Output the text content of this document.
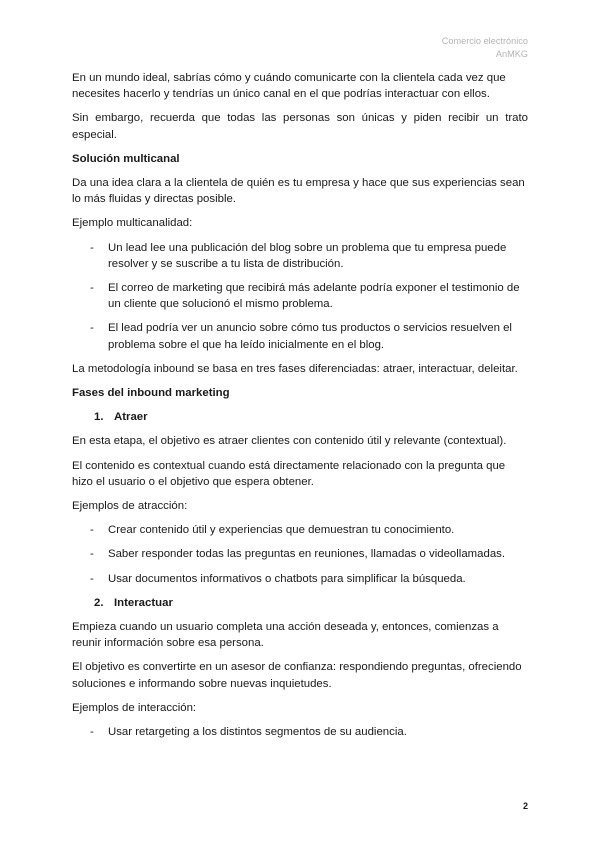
Comercio electrónico
AnMKG

En un mundo ideal, sabrías cómo y cuándo comunicarte con la clientela cada vez que necesites hacerlo y tendrías un único canal en el que podrías interactuar con ellos.

Sin embargo, recuerda que todas las personas son únicas y piden recibir un trato especial.

Solución multicanal

Da una idea clara a la clientela de quién es tu empresa y hace que sus experiencias sean lo más fluidas y directas posible.

Ejemplo multicanalidad:

- Un lead lee una publicación del blog sobre un problema que tu empresa puede resolver y se suscribe a tu lista de distribución.
- El correo de marketing que recibirá más adelante podría exponer el testimonio de un cliente que solucionó el mismo problema.
- El lead podría ver un anuncio sobre cómo tus productos o servicios resuelven el problema sobre el que ha leído inicialmente en el blog.

La metodología inbound se basa en tres fases diferenciadas: atraer, interactuar, deleitar.

Fases del inbound marketing
1. Atraer

En esta etapa, el objetivo es atraer clientes con contenido útil y relevante (contextual).

El contenido es contextual cuando está directamente relacionado con la pregunta que hizo el usuario o el objetivo que espera obtener.

Ejemplos de atracción:

- Crear contenido útil y experiencias que demuestran tu conocimiento.
- Saber responder todas las preguntas en reuniones, llamadas o videollamadas.
- Usar documentos informativos o chatbots para simplificar la búsqueda.
2. Interactuar

Empieza cuando un usuario completa una acción deseada y, entonces, comienzas a reunir información sobre esa persona.

El objetivo es convertirte en un asesor de confianza: respondiendo preguntas, ofreciendo soluciones e informando sobre nuevas inquietudes.

Ejemplos de interacción:

- Usar retargeting a los distintos segmentos de su audiencia.
2
